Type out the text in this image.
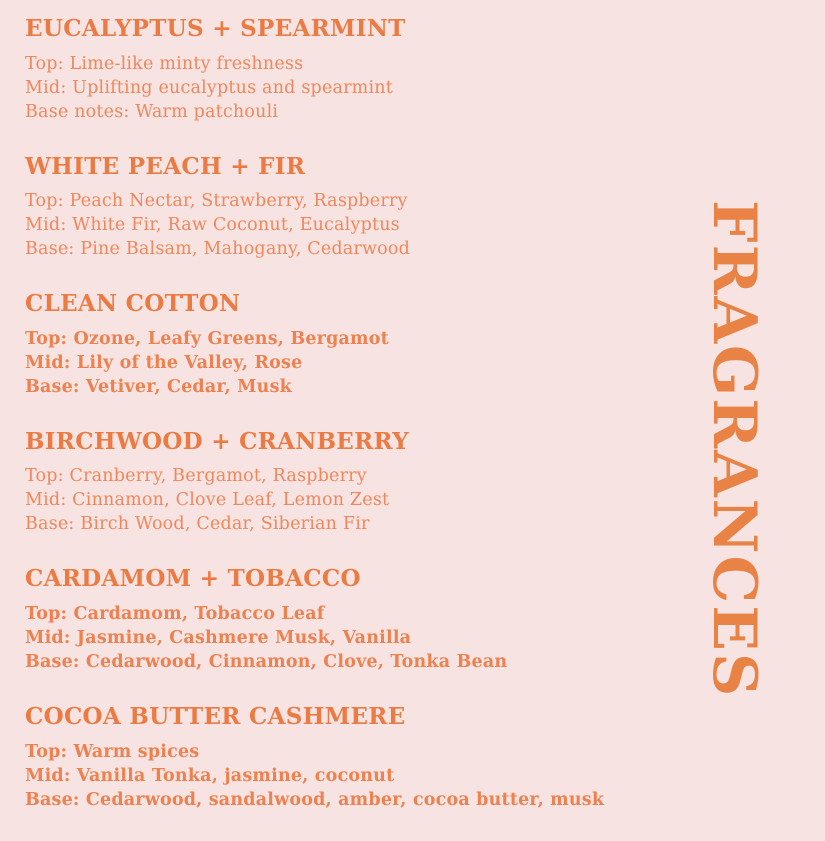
EUCALYPTUS + SPEARMINT

Top: Lime-like minty freshness

Mid: Uplifting eucalyptus and spearmint

Base notes: Warm patchouli

WHITE PEACH + FIR

Top: Peach Nectar, Strawberry, Raspberry

Mid: White Fir, Raw Coconut, Eucalyptus

Base: Pine Balsam, Mahogany, Cedarwood

CLEAN COTTON

Top: Ozone, Leafy Greens, Bergamot

Mid: Lily of the Valley, Rose

Base: Vetiver, Cedar, Musk

BIRCHWOOD + CRANBERRY

Top: Cranberry, Bergamot, Raspberry

Mid: Cinnamon, Clove Leaf, Lemon Zest

Base: Birch Wood, Cedar, Siberian Fir

CARDAMOM + TOBACCO

Top: Cardamom, Tobacco Leaf

Mid: Jasmine, Cashmere Musk, Vanilla

Base: Cedarwood, Cinnamon, Clove, Tonka Bean

COCOA BUTTER CASHMERE

Top: Warm spices

Mid: Vanilla Tonka, jasmine, coconut

Base: Cedarwood, sandalwood, amber, cocoa butter, musk

FRAGRANCES
